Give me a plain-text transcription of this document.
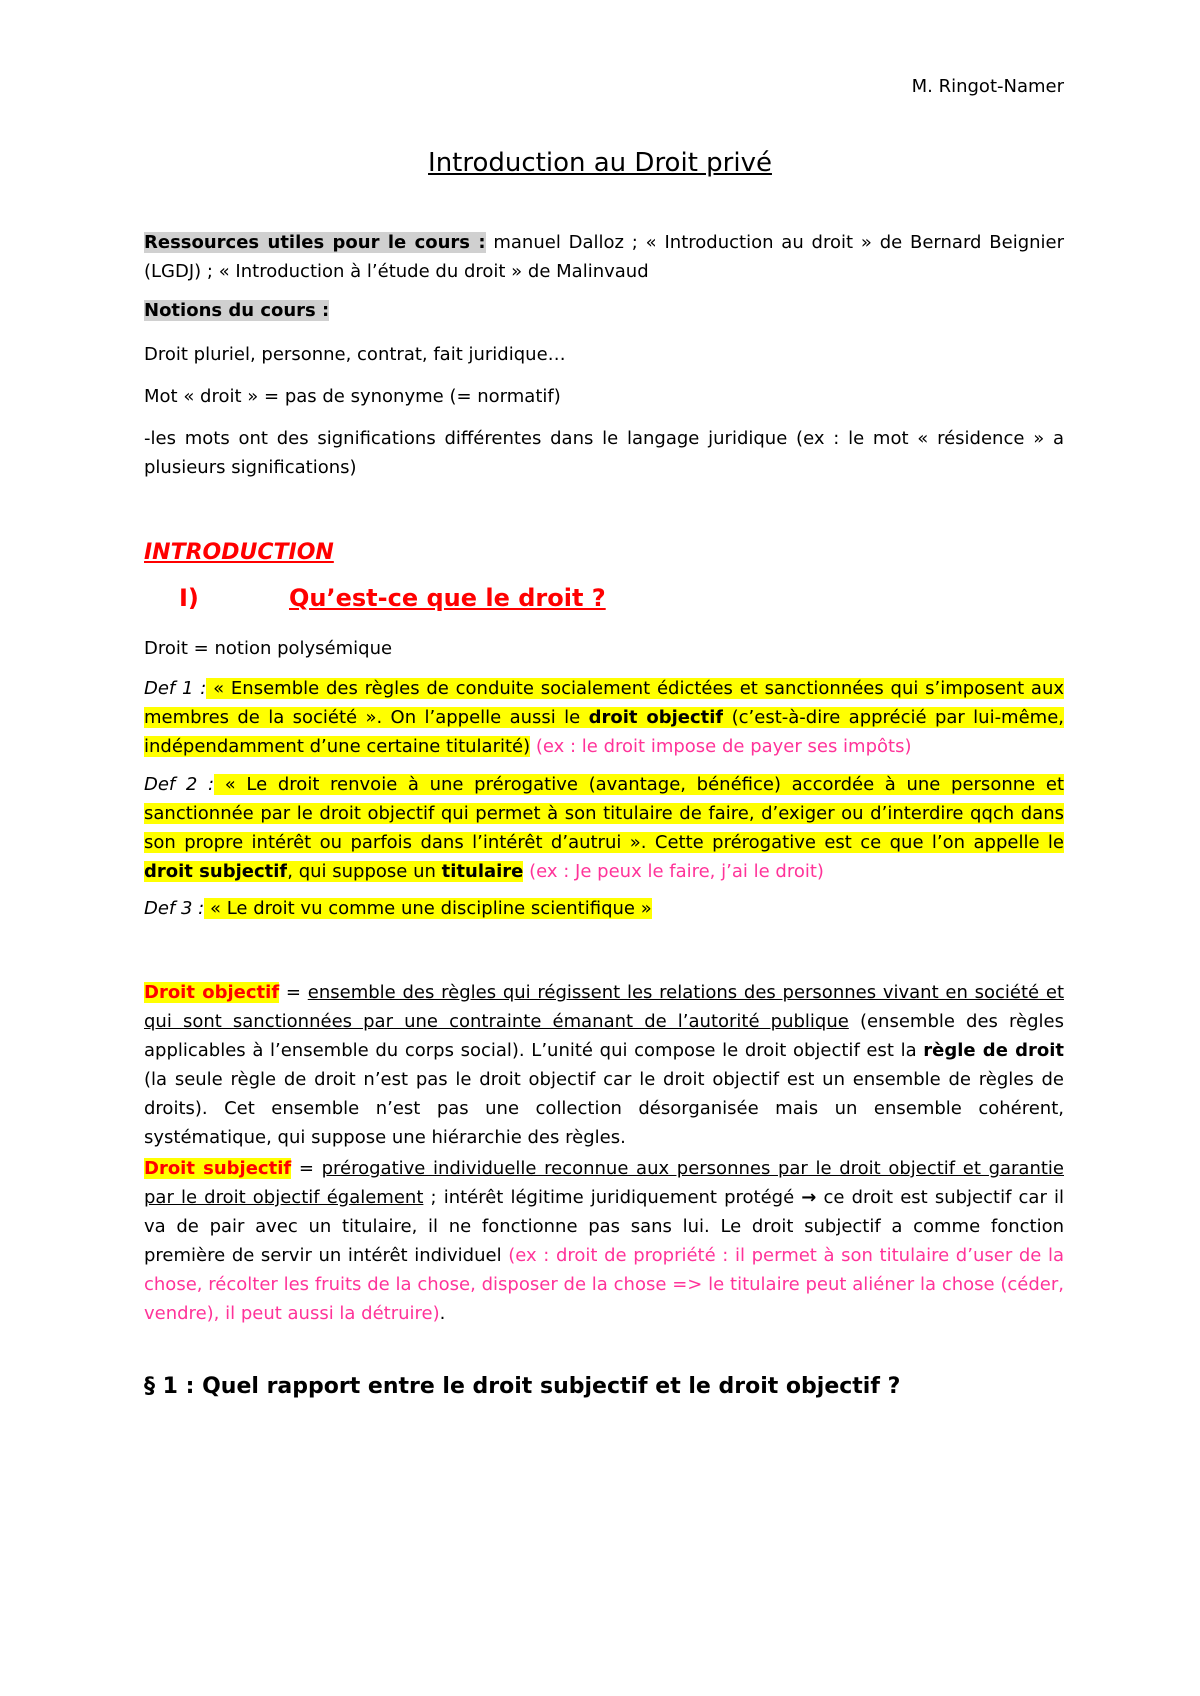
M. Ringot-Namer
Introduction au Droit privé

Ressources utiles pour le cours : manuel Dalloz ; « Introduction au droit » de Bernard Beignier (LGDJ) ; « Introduction à l’étude du droit » de Malinvaud

Notions du cours :

Droit pluriel, personne, contrat, fait juridique…

Mot « droit » = pas de synonyme (= normatif)

-les mots ont des significations différentes dans le langage juridique (ex : le mot « résidence » a plusieurs significations)

INTRODUCTION

I)	Qu’est-ce que le droit ?

Droit = notion polysémique

Def 1 : « Ensemble des règles de conduite socialement édictées et sanctionnées qui s’imposent aux membres de la société ». On l’appelle aussi le droit objectif (c’est-à-dire apprécié par lui-même, indépendamment d’une certaine titularité) (ex : le droit impose de payer ses impôts)

Def 2 : « Le droit renvoie à une prérogative (avantage, bénéfice) accordée à une personne et sanctionnée par le droit objectif qui permet à son titulaire de faire, d’exiger ou d’interdire qqch dans son propre intérêt ou parfois dans l’intérêt d’autrui ». Cette prérogative est ce que l’on appelle le droit subjectif, qui suppose un titulaire (ex : Je peux le faire, j’ai le droit)

Def 3 : « Le droit vu comme une discipline scientifique »

Droit objectif = ensemble des règles qui régissent les relations des personnes vivant en société et qui sont sanctionnées par une contrainte émanant de l’autorité publique (ensemble des règles applicables à l’ensemble du corps social). L’unité qui compose le droit objectif est la règle de droit (la seule règle de droit n’est pas le droit objectif car le droit objectif est un ensemble de règles de droits). Cet ensemble n’est pas une collection désorganisée mais un ensemble cohérent, systématique, qui suppose une hiérarchie des règles.

Droit subjectif = prérogative individuelle reconnue aux personnes par le droit objectif et garantie par le droit objectif également ; intérêt légitime juridiquement protégé → ce droit est subjectif car il va de pair avec un titulaire, il ne fonctionne pas sans lui. Le droit subjectif a comme fonction première de servir un intérêt individuel (ex : droit de propriété : il permet à son titulaire d’user de la chose, récolter les fruits de la chose, disposer de la chose => le titulaire peut aliéner la chose (céder, vendre), il peut aussi la détruire).

§ 1 : Quel rapport entre le droit subjectif et le droit objectif ?
